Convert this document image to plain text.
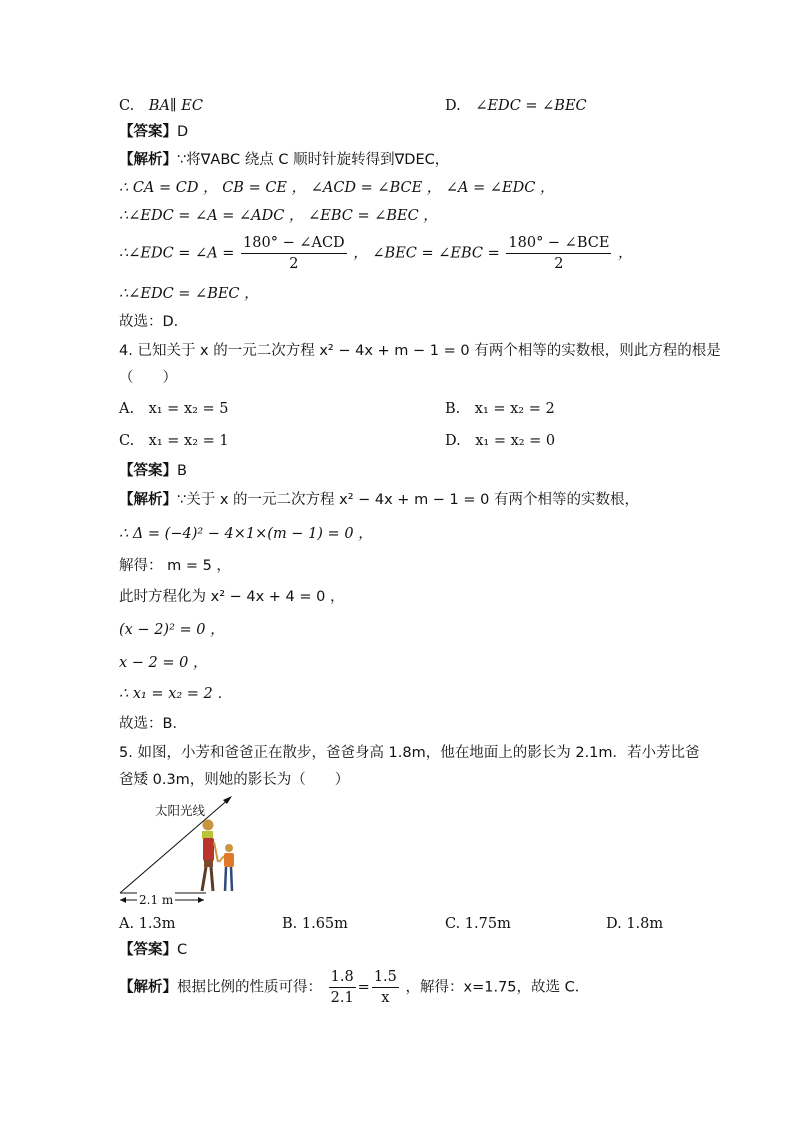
C. BA∥ EC	D. ∠EDC = ∠BEC
【答案】D
【解析】∵将∇ABC 绕点 C 顺时针旋转得到∇DEC，
∴ CA = CD ， CB = CE ， ∠ACD = ∠BCE ， ∠A = ∠EDC ，
∴∠EDC = ∠A = ∠ADC ， ∠EBC = ∠BEC ，
∴∠EDC = ∠A = $\frac{\text{180° − ∠ACD}}{2}$ ， ∠BEC = ∠EBC = $\frac{\text{180° − ∠BCE}}{2}$ ，
∴∠EDC = ∠BEC ，
故选：D．
4. 已知关于 x 的一元二次方程 x² − 4x + m − 1 = 0 有两个相等的实数根，则此方程的根是
（　　）
A.　x₁ = x₂ = 5	B.　x₁ = x₂ = 2
C.　x₁ = x₂ = 1	D.　x₁ = x₂ = 0
【答案】B
【解析】∵关于 x 的一元二次方程 x² − 4x + m − 1 = 0 有两个相等的实数根，
∴ Δ = (−4)² − 4×1×(m − 1) = 0 ，
解得： m = 5 ，
此时方程化为 x² − 4x + 4 = 0 ，
(x − 2)² = 0 ，
x − 2 = 0 ，
∴ x₁ = x₂ = 2 ．
故选：B．
5. 如图，小芳和爸爸正在散步，爸爸身高 1.8m，他在地面上的影长为 2.1m．若小芳比爸
爸矮 0.3m，则她的影长为（　　）
太阳光线
2.1 m
A. 1.3m	B. 1.65m	C. 1.75m	D. 1.8m
【答案】C
【解析】根据比例的性质可得： $\frac{1.8}{2.1} = \frac{1.5}{x}$ ，解得：x=1.75，故选 C．
